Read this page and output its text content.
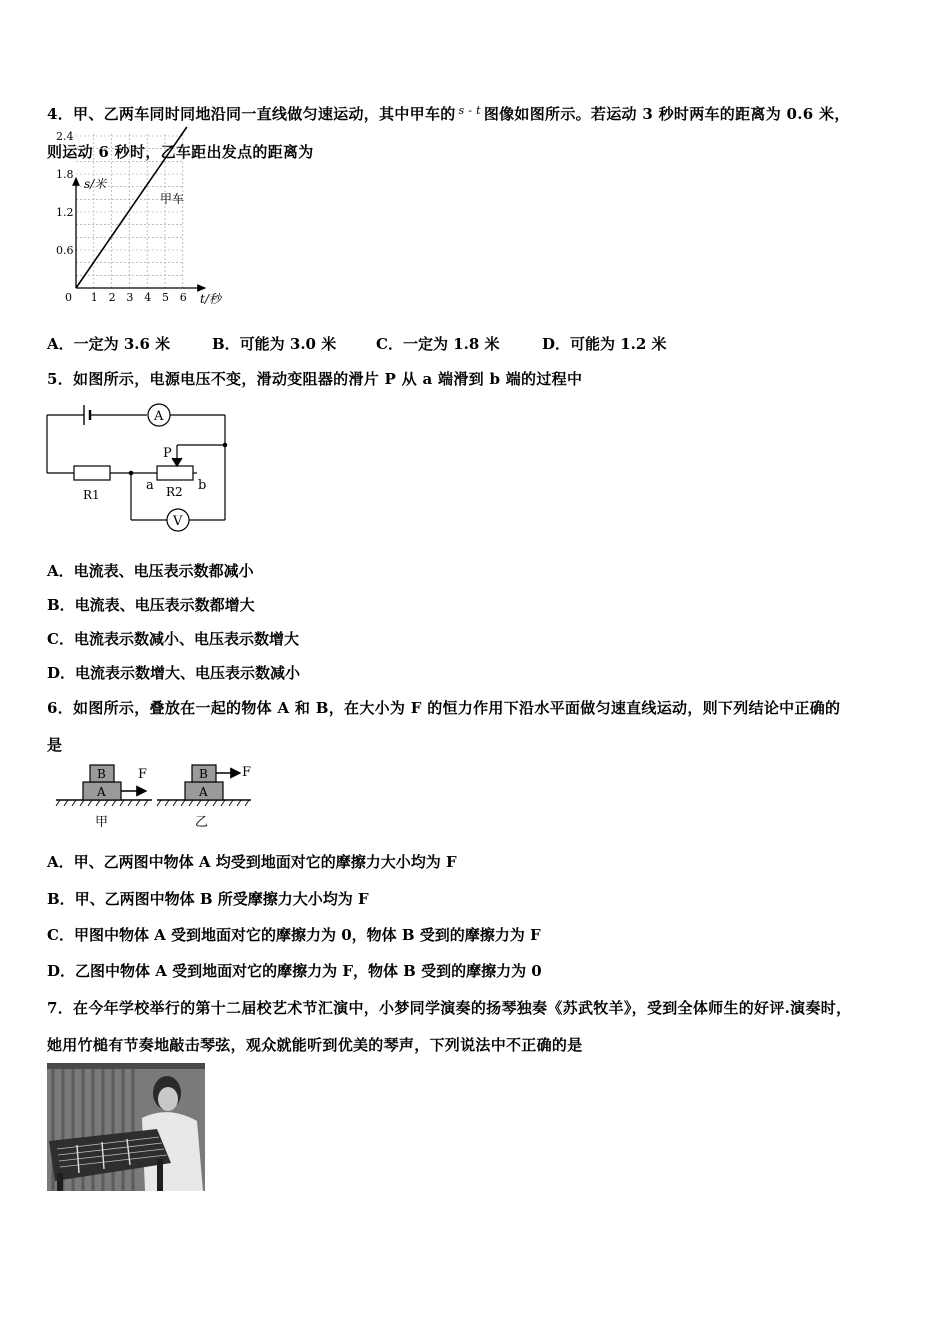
4．甲、乙两车同时同地沿同一直线做匀速运动，其中甲车的 $^{s - t}$ 图像如图所示。若运动 3 秒时两车的距离为 0.6 米，
则运动 6 秒时，乙车距出发点的距离为
s/米
甲车
0	t/秒
2.4
1.8
1.2
0.6
1 2 3 4 5 6
A．一定为 3.6 米	B．可能为 3.0 米	C．一定为 1.8 米	D．可能为 1.2 米
5．如图所示，电源电压不变，滑动变阻器的滑片 P 从 a 端滑到 b 端的过程中
A
V
P
R1	R2
a	b
A．电流表、电压表示数都减小
B．电流表、电压表示数都增大
C．电流表示数减小、电压表示数增大
D．电流表示数增大、电压表示数减小
6．如图所示，叠放在一起的物体 A 和 B，在大小为 F 的恒力作用下沿水平面做匀速直线运动，则下列结论中正确的
是
A
B F
甲
A
B	F
乙
A．甲、乙两图中物体 A 均受到地面对它的摩擦力大小均为 F
B．甲、乙两图中物体 B 所受摩擦力大小均为 F
C．甲图中物体 A 受到地面对它的摩擦力为 0，物体 B 受到的摩擦力为 F
D．乙图中物体 A 受到地面对它的摩擦力为 F，物体 B 受到的摩擦力为 0
7．在今年学校举行的第十二届校艺术节汇演中，小梦同学演奏的扬琴独奏《苏武牧羊》，受到全体师生的好评.演奏时，
她用竹槌有节奏地敲击琴弦，观众就能听到优美的琴声，下列说法中不正确的是
